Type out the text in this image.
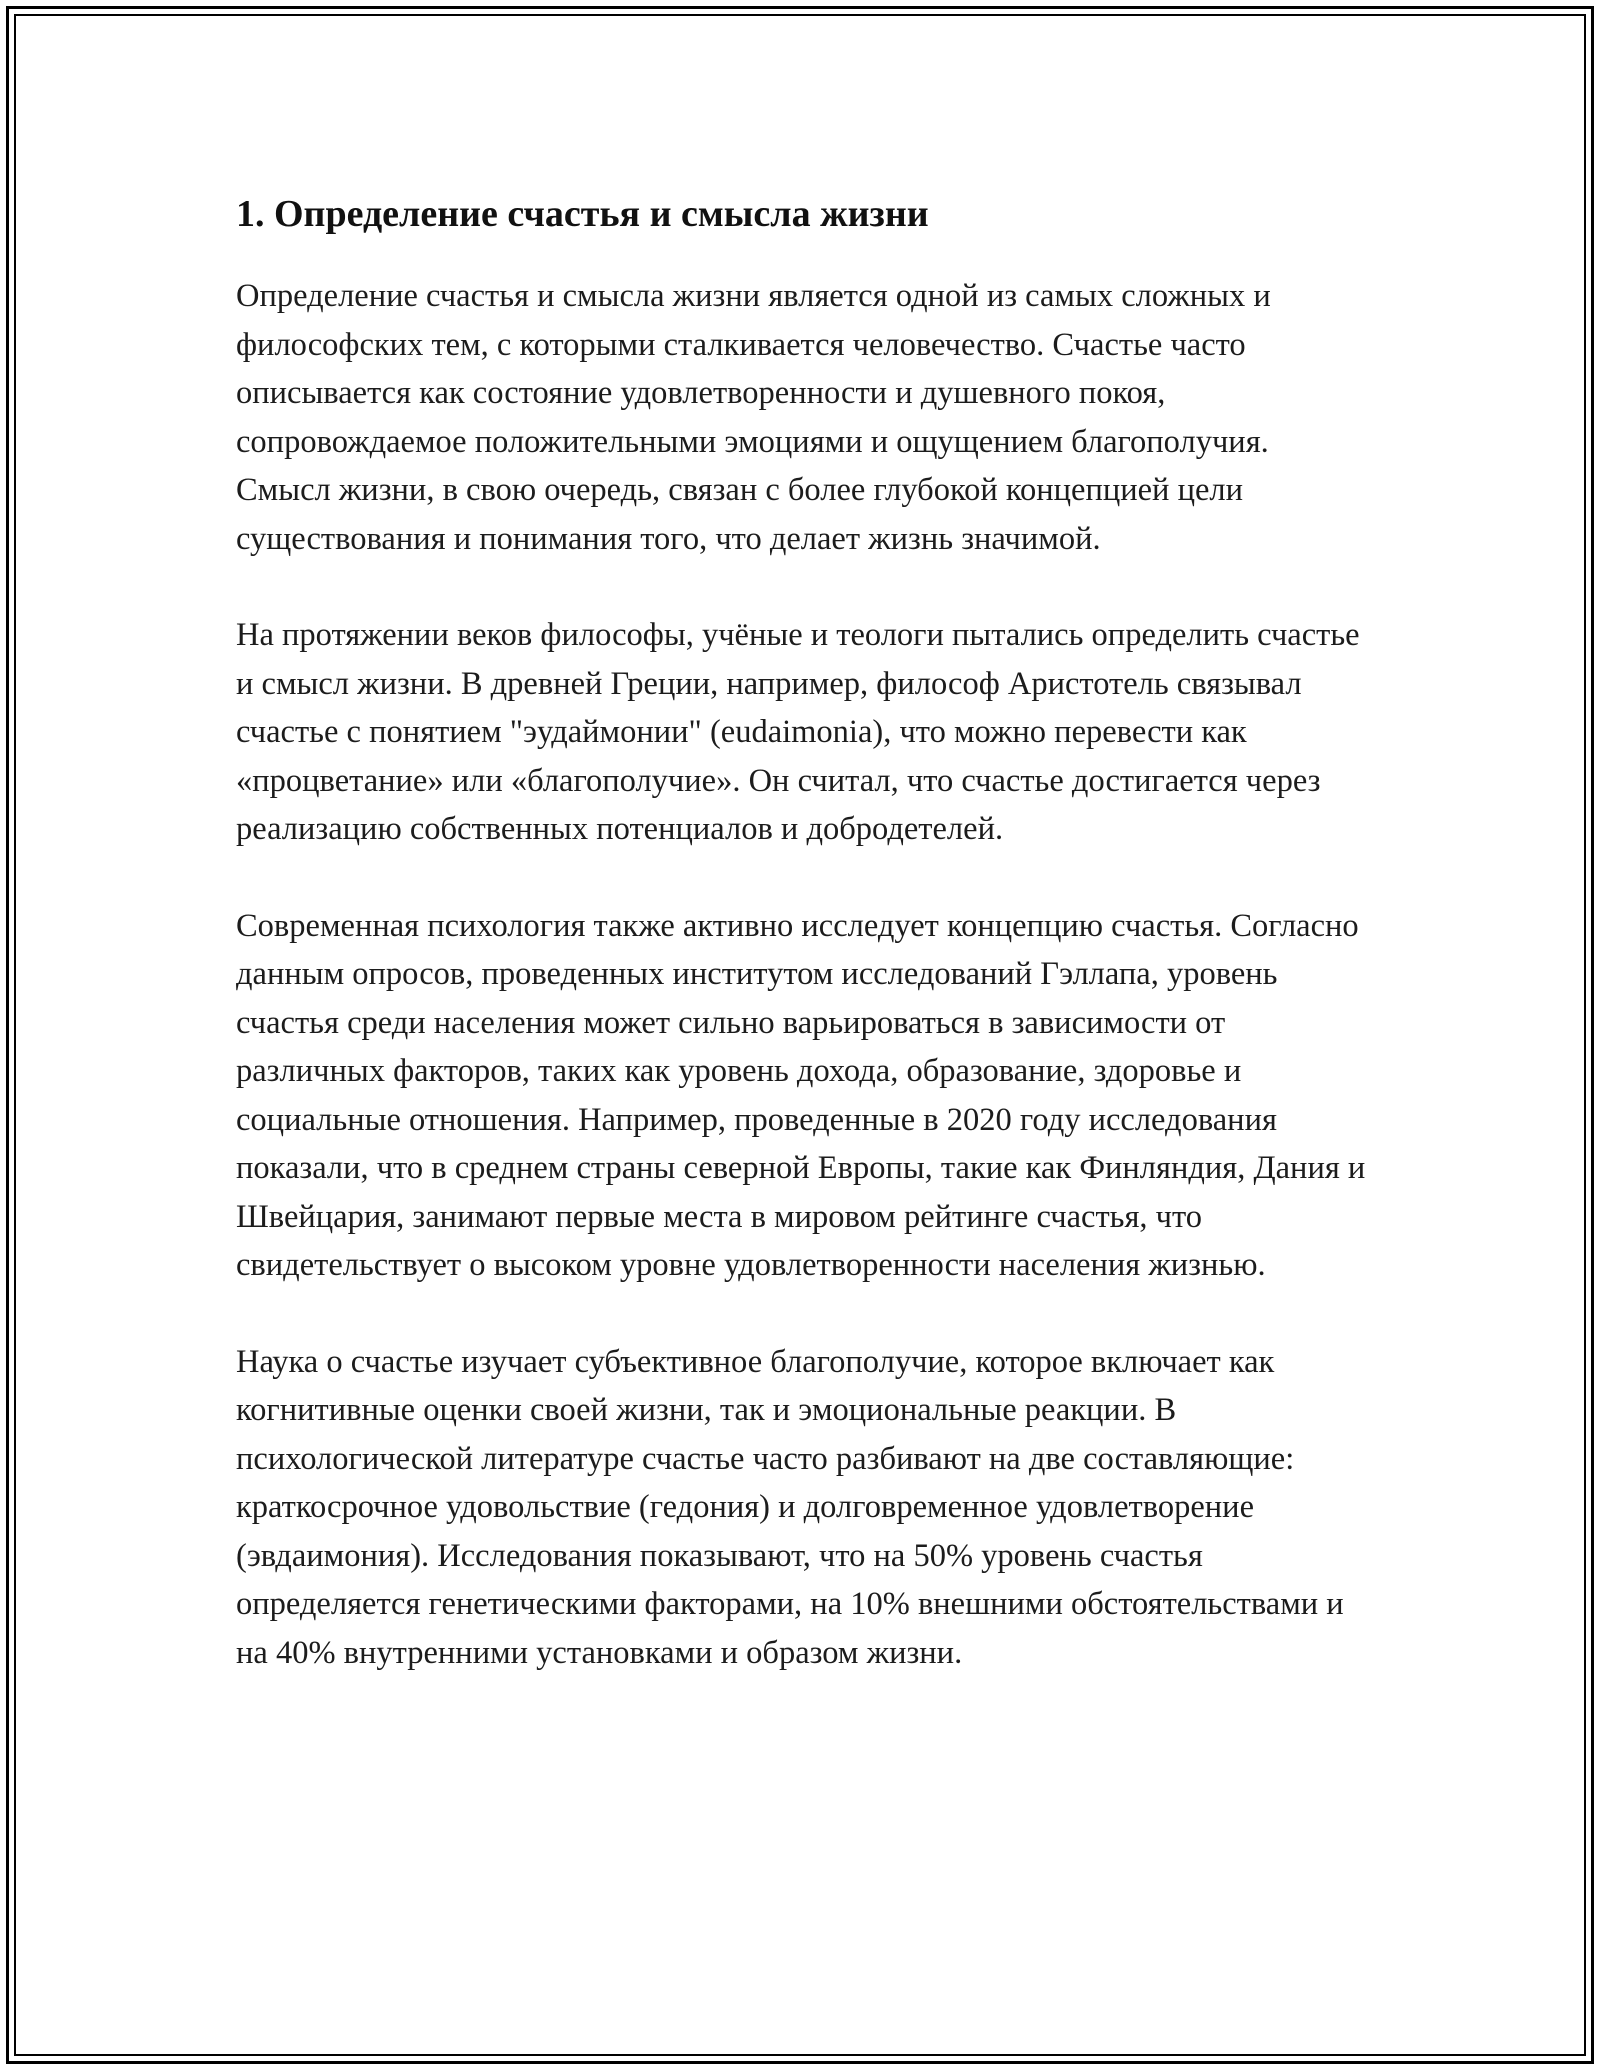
1. Определение счастья и смысла жизни

Определение счастья и смысла жизни является одной из самых сложных и философских тем, с которыми сталкивается человечество. Счастье часто описывается как состояние удовлетворенности и душевного покоя, сопровождаемое положительными эмоциями и ощущением благополучия. Смысл жизни, в свою очередь, связан с более глубокой концепцией цели существования и понимания того, что делает жизнь значимой.

На протяжении веков философы, учёные и теологи пытались определить счастье и смысл жизни. В древней Греции, например, философ Аристотель связывал счастье с понятием "эудаймонии" (eudaimonia), что можно перевести как «процветание» или «благополучие». Он считал, что счастье достигается через реализацию собственных потенциалов и добродетелей.

Современная психология также активно исследует концепцию счастья. Согласно данным опросов, проведенных институтом исследований Гэллапа, уровень счастья среди населения может сильно варьироваться в зависимости от различных факторов, таких как уровень дохода, образование, здоровье и социальные отношения. Например, проведенные в 2020 году исследования показали, что в среднем страны северной Европы, такие как Финляндия, Дания и Швейцария, занимают первые места в мировом рейтинге счастья, что свидетельствует о высоком уровне удовлетворенности населения жизнью.

Наука о счастье изучает субъективное благополучие, которое включает как когнитивные оценки своей жизни, так и эмоциональные реакции. В психологической литературе счастье часто разбивают на две составляющие: краткосрочное удовольствие (гедония) и долговременное удовлетворение (эвдаимония). Исследования показывают, что на 50% уровень счастья определяется генетическими факторами, на 10% внешними обстоятельствами и на 40% внутренними установками и образом жизни.
